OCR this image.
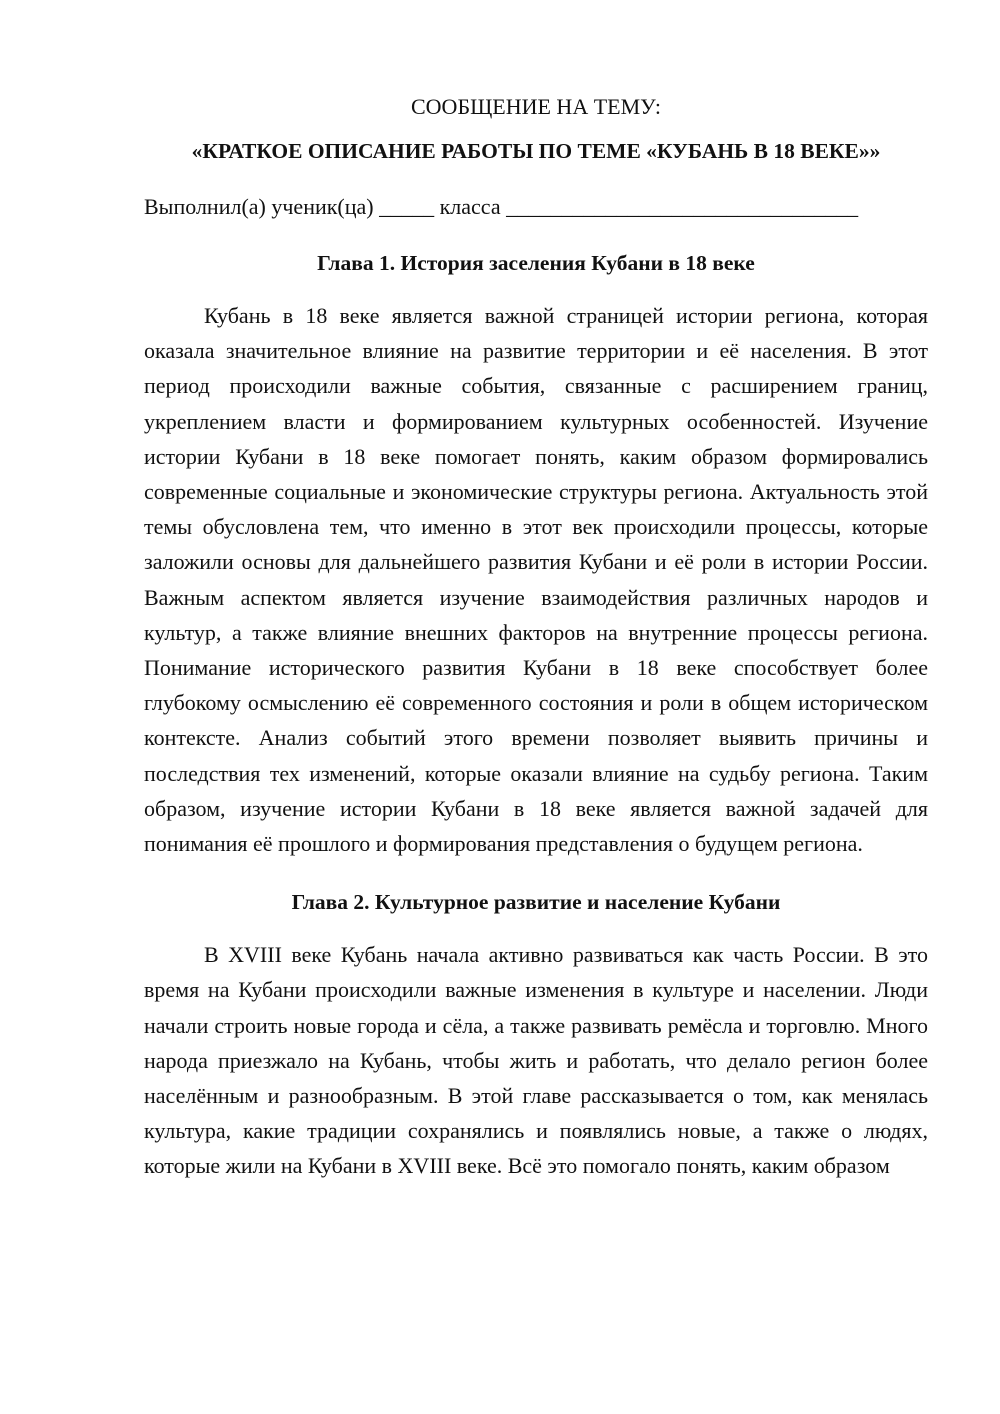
СООБЩЕНИЕ НА ТЕМУ:

«КРАТКОЕ ОПИСАНИЕ РАБОТЫ ПО ТЕМЕ «КУБАНЬ В 18 ВЕКЕ»»

Выполнил(а) ученик(ца) _____ класса ________________________________

Глава 1. История заселения Кубани в 18 веке

Кубань в 18 веке является важной страницей истории региона, которая оказала значительное влияние на развитие территории и её населения. В этот период происходили важные события, связанные с расширением границ, укреплением власти и формированием культурных особенностей. Изучение истории Кубани в 18 веке помогает понять, каким образом формировались современные социальные и экономические структуры региона. Актуальность этой темы обусловлена тем, что именно в этот век происходили процессы, которые заложили основы для дальнейшего развития Кубани и её роли в истории России. Важным аспектом является изучение взаимодействия различных народов и культур, а также влияние внешних факторов на внутренние процессы региона. Понимание исторического развития Кубани в 18 веке способствует более глубокому осмыслению её современного состояния и роли в общем историческом контексте. Анализ событий этого времени позволяет выявить причины и последствия тех изменений, которые оказали влияние на судьбу региона. Таким образом, изучение истории Кубани в 18 веке является важной задачей для понимания её прошлого и формирования представления о будущем региона.

Глава 2. Культурное развитие и население Кубани

В XVIII веке Кубань начала активно развиваться как часть России. В это время на Кубани происходили важные изменения в культуре и населении. Люди начали строить новые города и сёла, а также развивать ремёсла и торговлю. Много народа приезжало на Кубань, чтобы жить и работать, что делало регион более населённым и разнообразным. В этой главе рассказывается о том, как менялась культура, какие традиции сохранялись и появлялись новые, а также о людях, которые жили на Кубани в XVIII веке. Всё это помогало понять, каким образом
